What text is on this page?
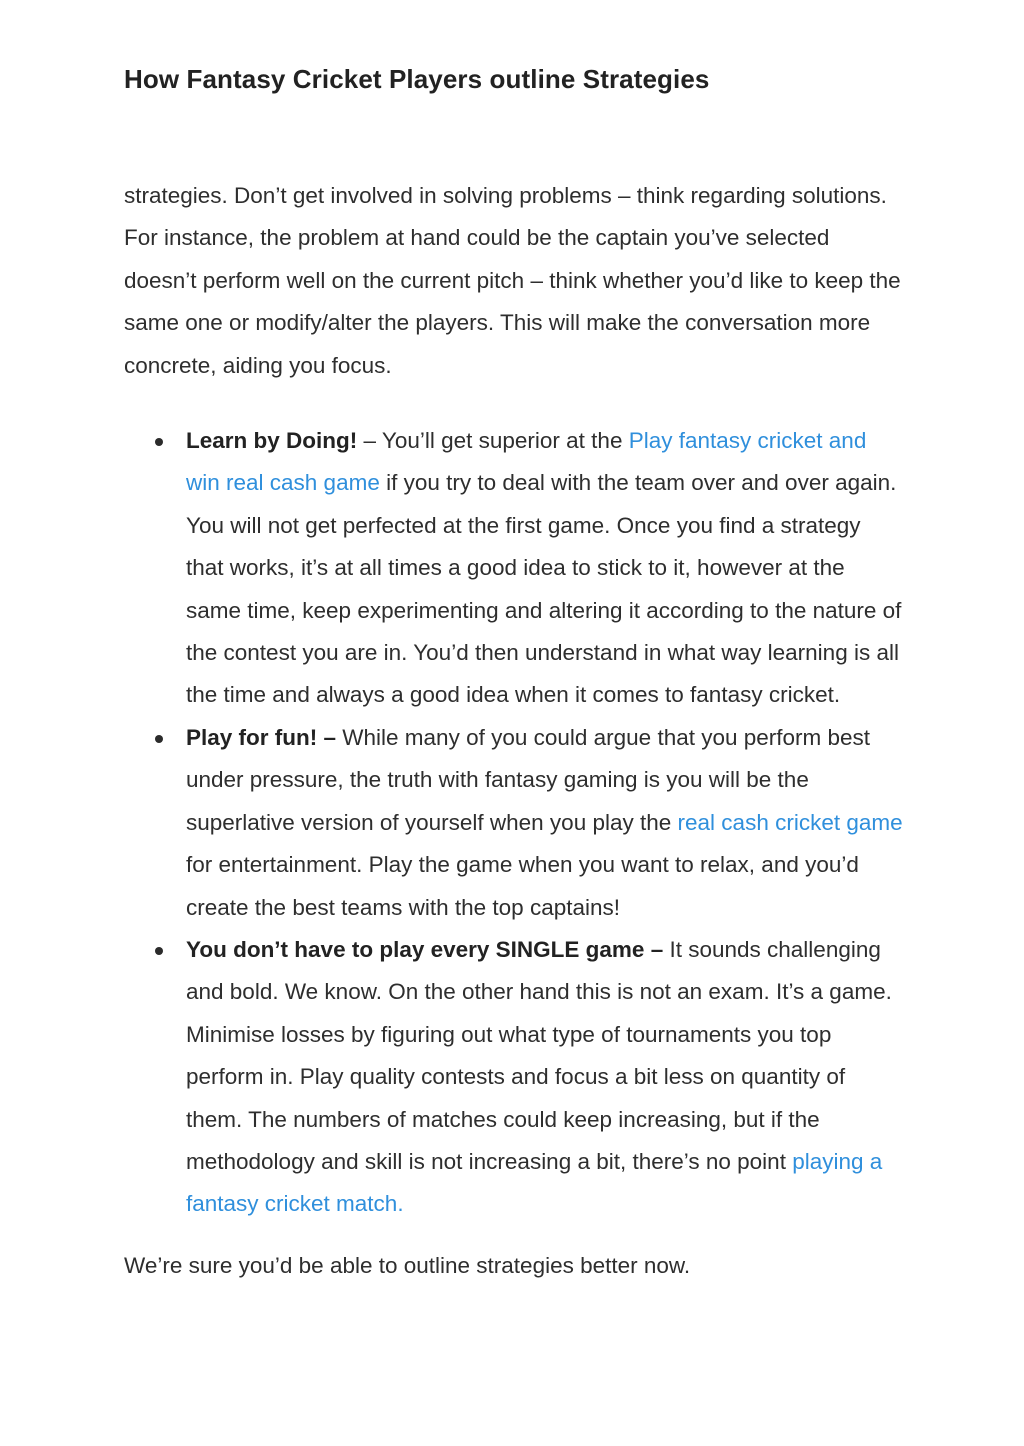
How Fantasy Cricket Players outline Strategies

strategies. Don’t get involved in solving problems – think regarding solutions. For instance, the problem at hand could be the captain you’ve selected doesn’t perform well on the current pitch – think whether you’d like to keep the same one or modify/alter the players. This will make the conversation more concrete, aiding you focus.

Learn by Doing! – You’ll get superior at the Play fantasy cricket and win real cash game if you try to deal with the team over and over again. You will not get perfected at the first game. Once you find a strategy that works, it’s at all times a good idea to stick to it, however at the same time, keep experimenting and altering it according to the nature of the contest you are in. You’d then understand in what way learning is all the time and always a good idea when it comes to fantasy cricket.
Play for fun! – While many of you could argue that you perform best under pressure, the truth with fantasy gaming is you will be the superlative version of yourself when you play the real cash cricket game for entertainment. Play the game when you want to relax, and you’d create the best teams with the top captains!
You don’t have to play every SINGLE game – It sounds challenging and bold. We know. On the other hand this is not an exam. It’s a game. Minimise losses by figuring out what type of tournaments you top perform in. Play quality contests and focus a bit less on quantity of them. The numbers of matches could keep increasing, but if the methodology and skill is not increasing a bit, there’s no point playing a fantasy cricket match.

We’re sure you’d be able to outline strategies better now.
